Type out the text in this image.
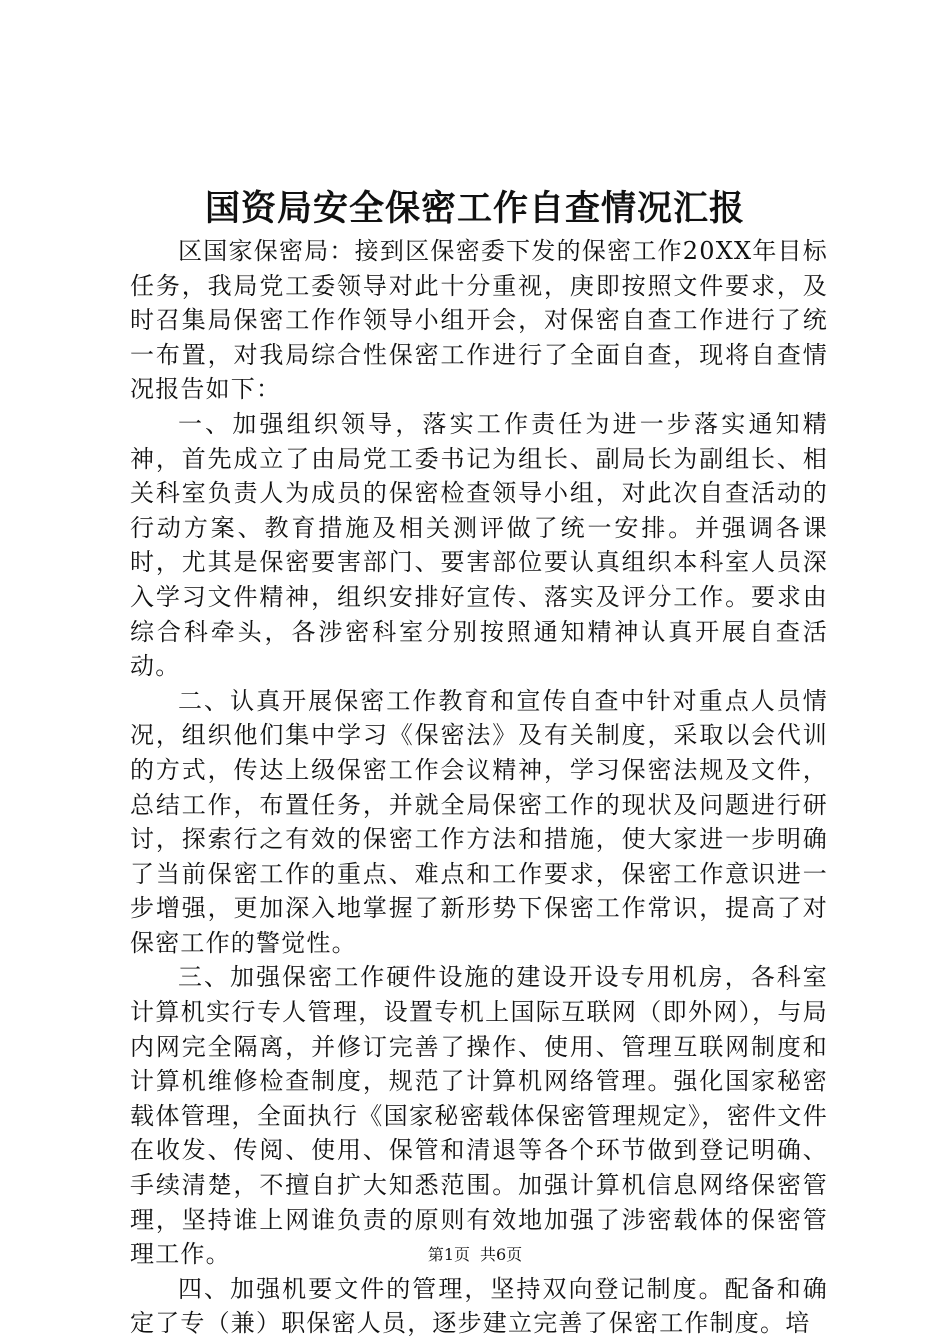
国资局安全保密工作自查情况汇报

区国家保密局：接到区保密委下发的保密工作20XX年目标任务，我局党工委领导对此十分重视，庚即按照文件要求，及时召集局保密工作作领导小组开会，对保密自查工作进行了统一布置，对我局综合性保密工作进行了全面自查，现将自查情况报告如下：

一、加强组织领导，落实工作责任为进一步落实通知精神，首先成立了由局党工委书记为组长、副局长为副组长、相关科室负责人为成员的保密检查领导小组，对此次自查活动的行动方案、教育措施及相关测评做了统一安排。并强调各课时，尤其是保密要害部门、要害部位要认真组织本科室人员深入学习文件精神，组织安排好宣传、落实及评分工作。要求由综合科牵头，各涉密科室分别按照通知精神认真开展自查活动。

二、认真开展保密工作教育和宣传自查中针对重点人员情况，组织他们集中学习《保密法》及有关制度，采取以会代训的方式，传达上级保密工作会议精神，学习保密法规及文件，总结工作，布置任务，并就全局保密工作的现状及问题进行研讨，探索行之有效的保密工作方法和措施，使大家进一步明确了当前保密工作的重点、难点和工作要求，保密工作意识进一步增强，更加深入地掌握了新形势下保密工作常识，提高了对保密工作的警觉性。

三、加强保密工作硬件设施的建设开设专用机房，各科室计算机实行专人管理，设置专机上国际互联网（即外网），与局内网完全隔离，并修订完善了操作、使用、管理互联网制度和计算机维修检查制度，规范了计算机网络管理。强化国家秘密载体管理，全面执行《国家秘密载体保密管理规定》，密件文件在收发、传阅、使用、保管和清退等各个环节做到登记明确、手续清楚，不擅自扩大知悉范围。加强计算机信息网络保密管理，坚持谁上网谁负责的原则有效地加强了涉密载体的保密管理工作。

四、加强机要文件的管理，坚持双向登记制度。配备和确定了专（兼）职保密人员，逐步建立完善了保密工作制度。培

第1页 共6页
